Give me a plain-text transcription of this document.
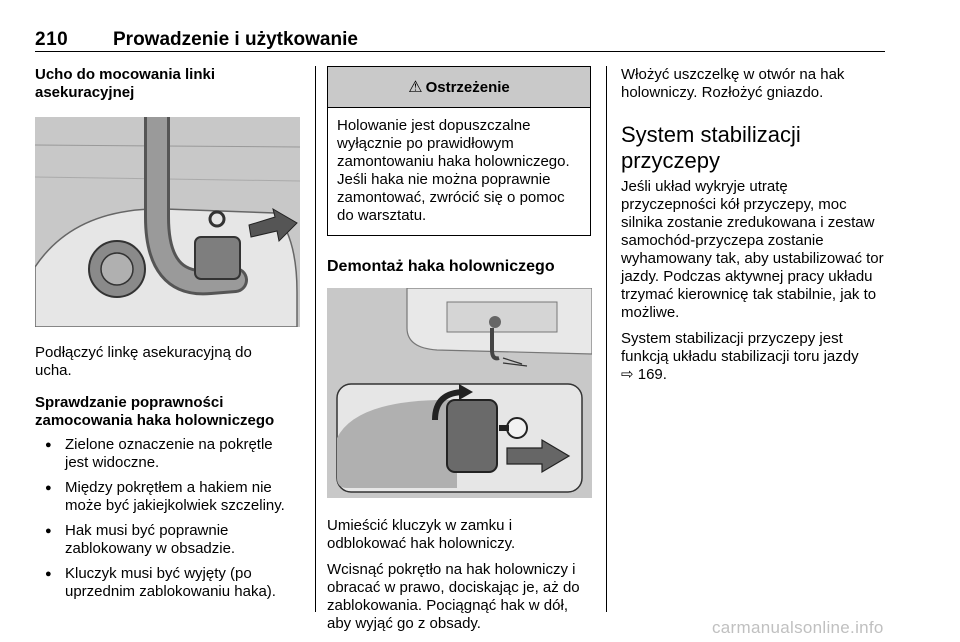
210 Prowadzenie i użytkowanie
Ucho do mocowania linki asekuracyjnej
Podłączyć linkę asekuracyjną do ucha.
Sprawdzanie poprawności zamocowania haka holowniczego
● Zielone oznaczenie na pokrętle jest widoczne.
● Między pokrętłem a hakiem nie może być jakiejkolwiek szczeliny.
● Hak musi być poprawnie zablokowany w obsadzie.
● Kluczyk musi być wyjęty (po uprzednim zablokowaniu haka).
⚠ Ostrzeżenie
Holowanie jest dopuszczalne wyłącznie po prawidłowym zamontowaniu haka holowniczego. Jeśli haka nie można poprawnie zamontować, zwrócić się o pomoc do warsztatu.
Demontaż haka holowniczego
Umieścić kluczyk w zamku i odblokować hak holowniczy.
Wcisnąć pokrętło na hak holowniczy i obracać w prawo, dociskając je, aż do zablokowania. Pociągnąć hak w dół, aby wyjąć go z obsady.
Włożyć uszczelkę w otwór na hak holowniczy. Rozłożyć gniazdo.
System stabilizacji przyczepy
Jeśli układ wykryje utratę przyczepności kół przyczepy, moc silnika zostanie zredukowana i zestaw samochód-przyczepa zostanie wyhamowany tak, aby ustabilizować tor jazdy. Podczas aktywnej pracy układu trzymać kierownicę tak stabilnie, jak to możliwe.
System stabilizacji przyczepy jest funkcją układu stabilizacji toru jazdy
⇨ 169.
carmanualsonline.info
